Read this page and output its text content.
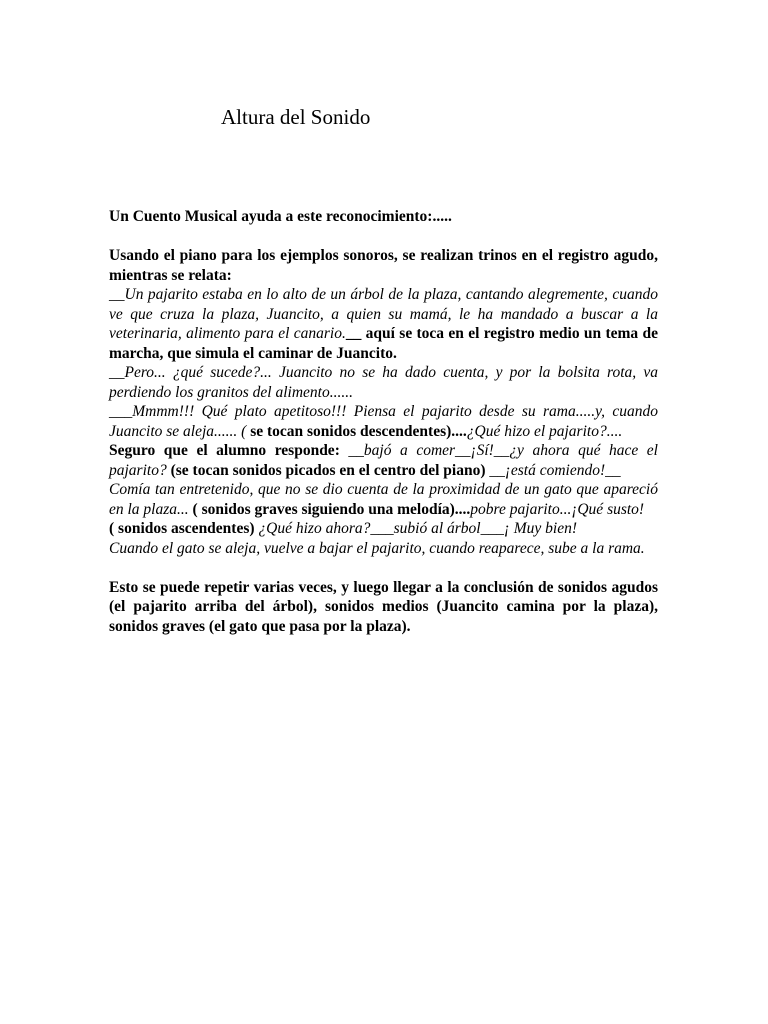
Altura del Sonido

Un Cuento Musical ayuda a este reconocimiento:.....

Usando el piano para los ejemplos sonoros, se realizan trinos en el registro agudo, mientras se relata:

__Un pajarito estaba en lo alto de un árbol de la plaza, cantando alegremente, cuando ve que cruza la plaza, Juancito, a quien su mamá, le ha mandado a buscar a la veterinaria, alimento para el canario.__ aquí se toca en el registro medio un tema de marcha, que simula el caminar de Juancito.

__Pero... ¿qué sucede?... Juancito no se ha dado cuenta, y por la bolsita rota, va perdiendo los granitos del alimento......

___Mmmm!!! Qué plato apetitoso!!! Piensa el pajarito desde su rama.....y, cuando Juancito se aleja...... ( se tocan sonidos descendentes)....¿Qué hizo el pajarito?....

Seguro que el alumno responde: __bajó a comer__¡Sí!__¿y ahora qué hace el pajarito? (se tocan sonidos picados en el centro del piano) __¡está comiendo!__

Comía tan entretenido, que no se dio cuenta de la proximidad de un gato que apareció en la plaza... ( sonidos graves siguiendo una melodía)....pobre pajarito...¡Qué susto!

( sonidos ascendentes) ¿Qué hizo ahora?___subió al árbol___¡ Muy bien!

Cuando el gato se aleja, vuelve a bajar el pajarito, cuando reaparece, sube a la rama.

Esto se puede repetir varias veces, y luego llegar a la conclusión de sonidos agudos (el pajarito arriba del árbol), sonidos medios (Juancito camina por la plaza), sonidos graves (el gato que pasa por la plaza).
